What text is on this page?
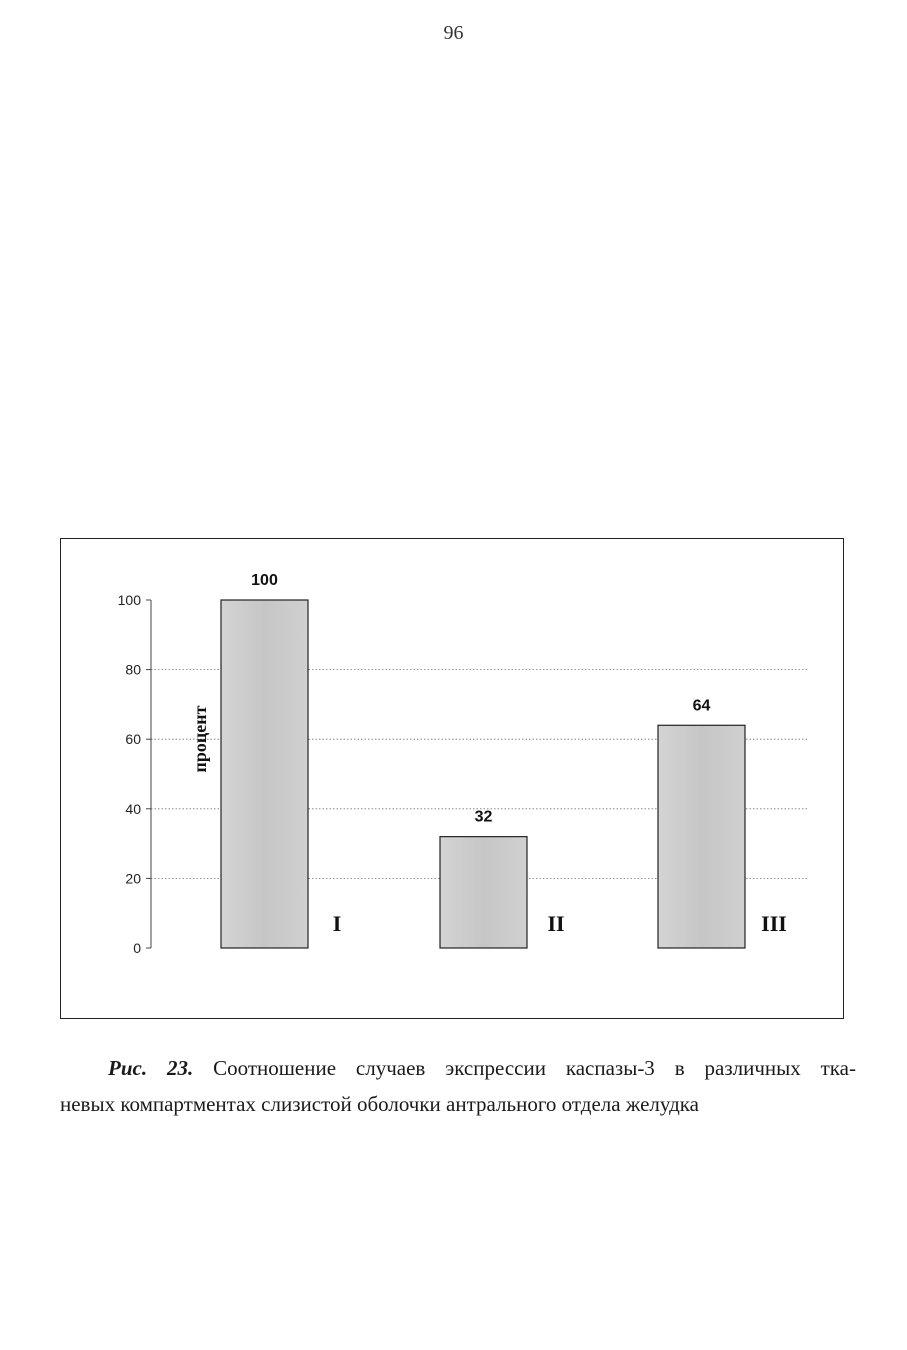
96
0
20
40
60
80
100
процент
100
I
32
II
64
III
Рис. 23. Соотношение случаев экспрессии каспазы-3 в различных тка-
невых компартментах слизистой оболочки антрального отдела желудка
